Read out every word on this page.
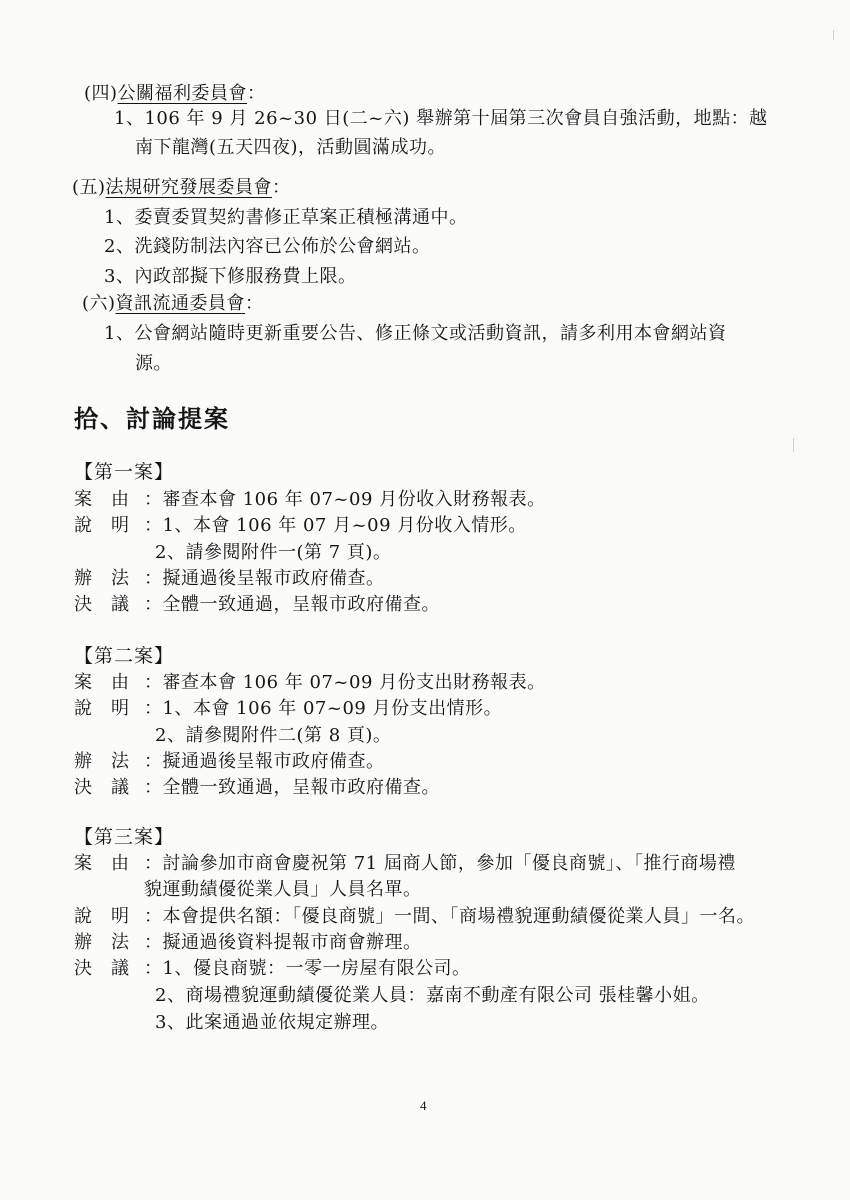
(四)公關福利委員會：
1、106 年 9 月 26~30 日(二~六) 舉辦第十屆第三次會員自強活動，地點：越
南下龍灣(五天四夜)，活動圓滿成功。
(五)法規研究發展委員會：
1、委賣委買契約書修正草案正積極溝通中。
2、洗錢防制法內容已公佈於公會網站。
3、內政部擬下修服務費上限。
(六)資訊流通委員會：
1、公會網站隨時更新重要公告、修正條文或活動資訊，請多利用本會網站資
源。
拾、討論提案
【第一案】
案　由 ：審查本會 106 年 07~09 月份收入財務報表。
說　明 ：1、本會 106 年 07 月~09 月份收入情形。
2、請參閱附件一(第 7 頁)。
辦　法 ：擬通過後呈報市政府備查。
決　議 ：全體一致通過，呈報市政府備查。
【第二案】
案　由 ：審查本會 106 年 07~09 月份支出財務報表。
說　明 ：1、本會 106 年 07~09 月份支出情形。
2、請參閱附件二(第 8 頁)。
辦　法 ：擬通過後呈報市政府備查。
決　議 ：全體一致通過，呈報市政府備查。
【第三案】
案　由 ：討論參加市商會慶祝第 71 屆商人節，參加「優良商號」、「推行商場禮
貌運動績優從業人員」人員名單。
說　明 ：本會提供名額：「優良商號」一間、「商場禮貌運動績優從業人員」一名。
辦　法 ：擬通過後資料提報市商會辦理。
決　議 ：1、優良商號：一零一房屋有限公司。
2、商場禮貌運動績優從業人員：嘉南不動產有限公司 張桂馨小姐。
3、此案通過並依規定辦理。
4
